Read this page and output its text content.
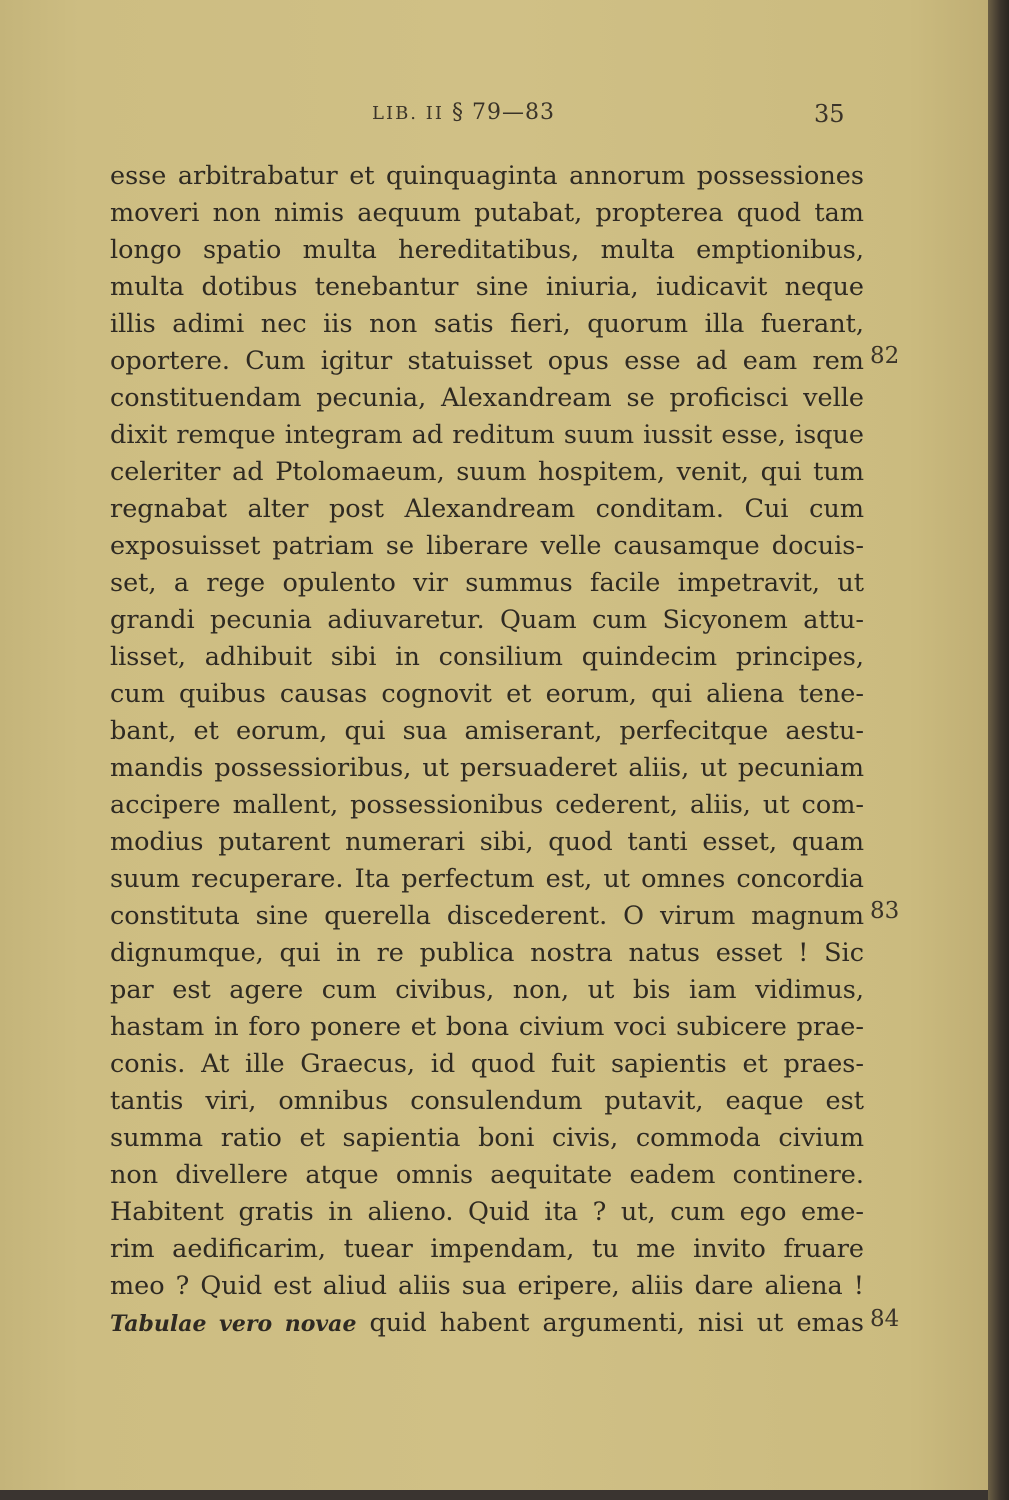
LIB. II § 79—83	35
esse arbitrabatur et quinquaginta annorum possessiones
moveri non nimis aequum putabat, propterea quod tam
longo spatio multa hereditatibus, multa emptionibus,
multa dotibus tenebantur sine iniuria, iudicavit neque
illis adimi nec iis non satis fieri, quorum illa fuerant,
oportere. Cum igitur statuisset opus esse ad eam rem
constituendam pecunia, Alexandream se proficisci velle
dixit remque integram ad reditum suum iussit esse, isque
celeriter ad Ptolomaeum, suum hospitem, venit, qui tum
regnabat alter post Alexandream conditam. Cui cum
exposuisset patriam se liberare velle causamque docuis-
set, a rege opulento vir summus facile impetravit, ut
grandi pecunia adiuvaretur. Quam cum Sicyonem attu-
lisset, adhibuit sibi in consilium quindecim principes,
cum quibus causas cognovit et eorum, qui aliena tene-
bant, et eorum, qui sua amiserant, perfecitque aestu-
mandis possessioribus, ut persuaderet aliis, ut pecuniam
accipere mallent, possessionibus cederent, aliis, ut com-
modius putarent numerari sibi, quod tanti esset, quam
suum recuperare. Ita perfectum est, ut omnes concordia
constituta sine querella discederent. O virum magnum
dignumque, qui in re publica nostra natus esset ! Sic
par est agere cum civibus, non, ut bis iam vidimus,
hastam in foro ponere et bona civium voci subicere prae-
conis. At ille Graecus, id quod fuit sapientis et praes-
tantis viri, omnibus consulendum putavit, eaque est
summa ratio et sapientia boni civis, commoda civium
non divellere atque omnis aequitate eadem continere.
Habitent gratis in alieno. Quid ita ? ut, cum ego eme-
rim aedificarim, tuear impendam, tu me invito fruare
meo ? Quid est aliud aliis sua eripere, aliis dare aliena !
Tabulae vero novae quid habent argumenti, nisi ut emas
82
83
84
